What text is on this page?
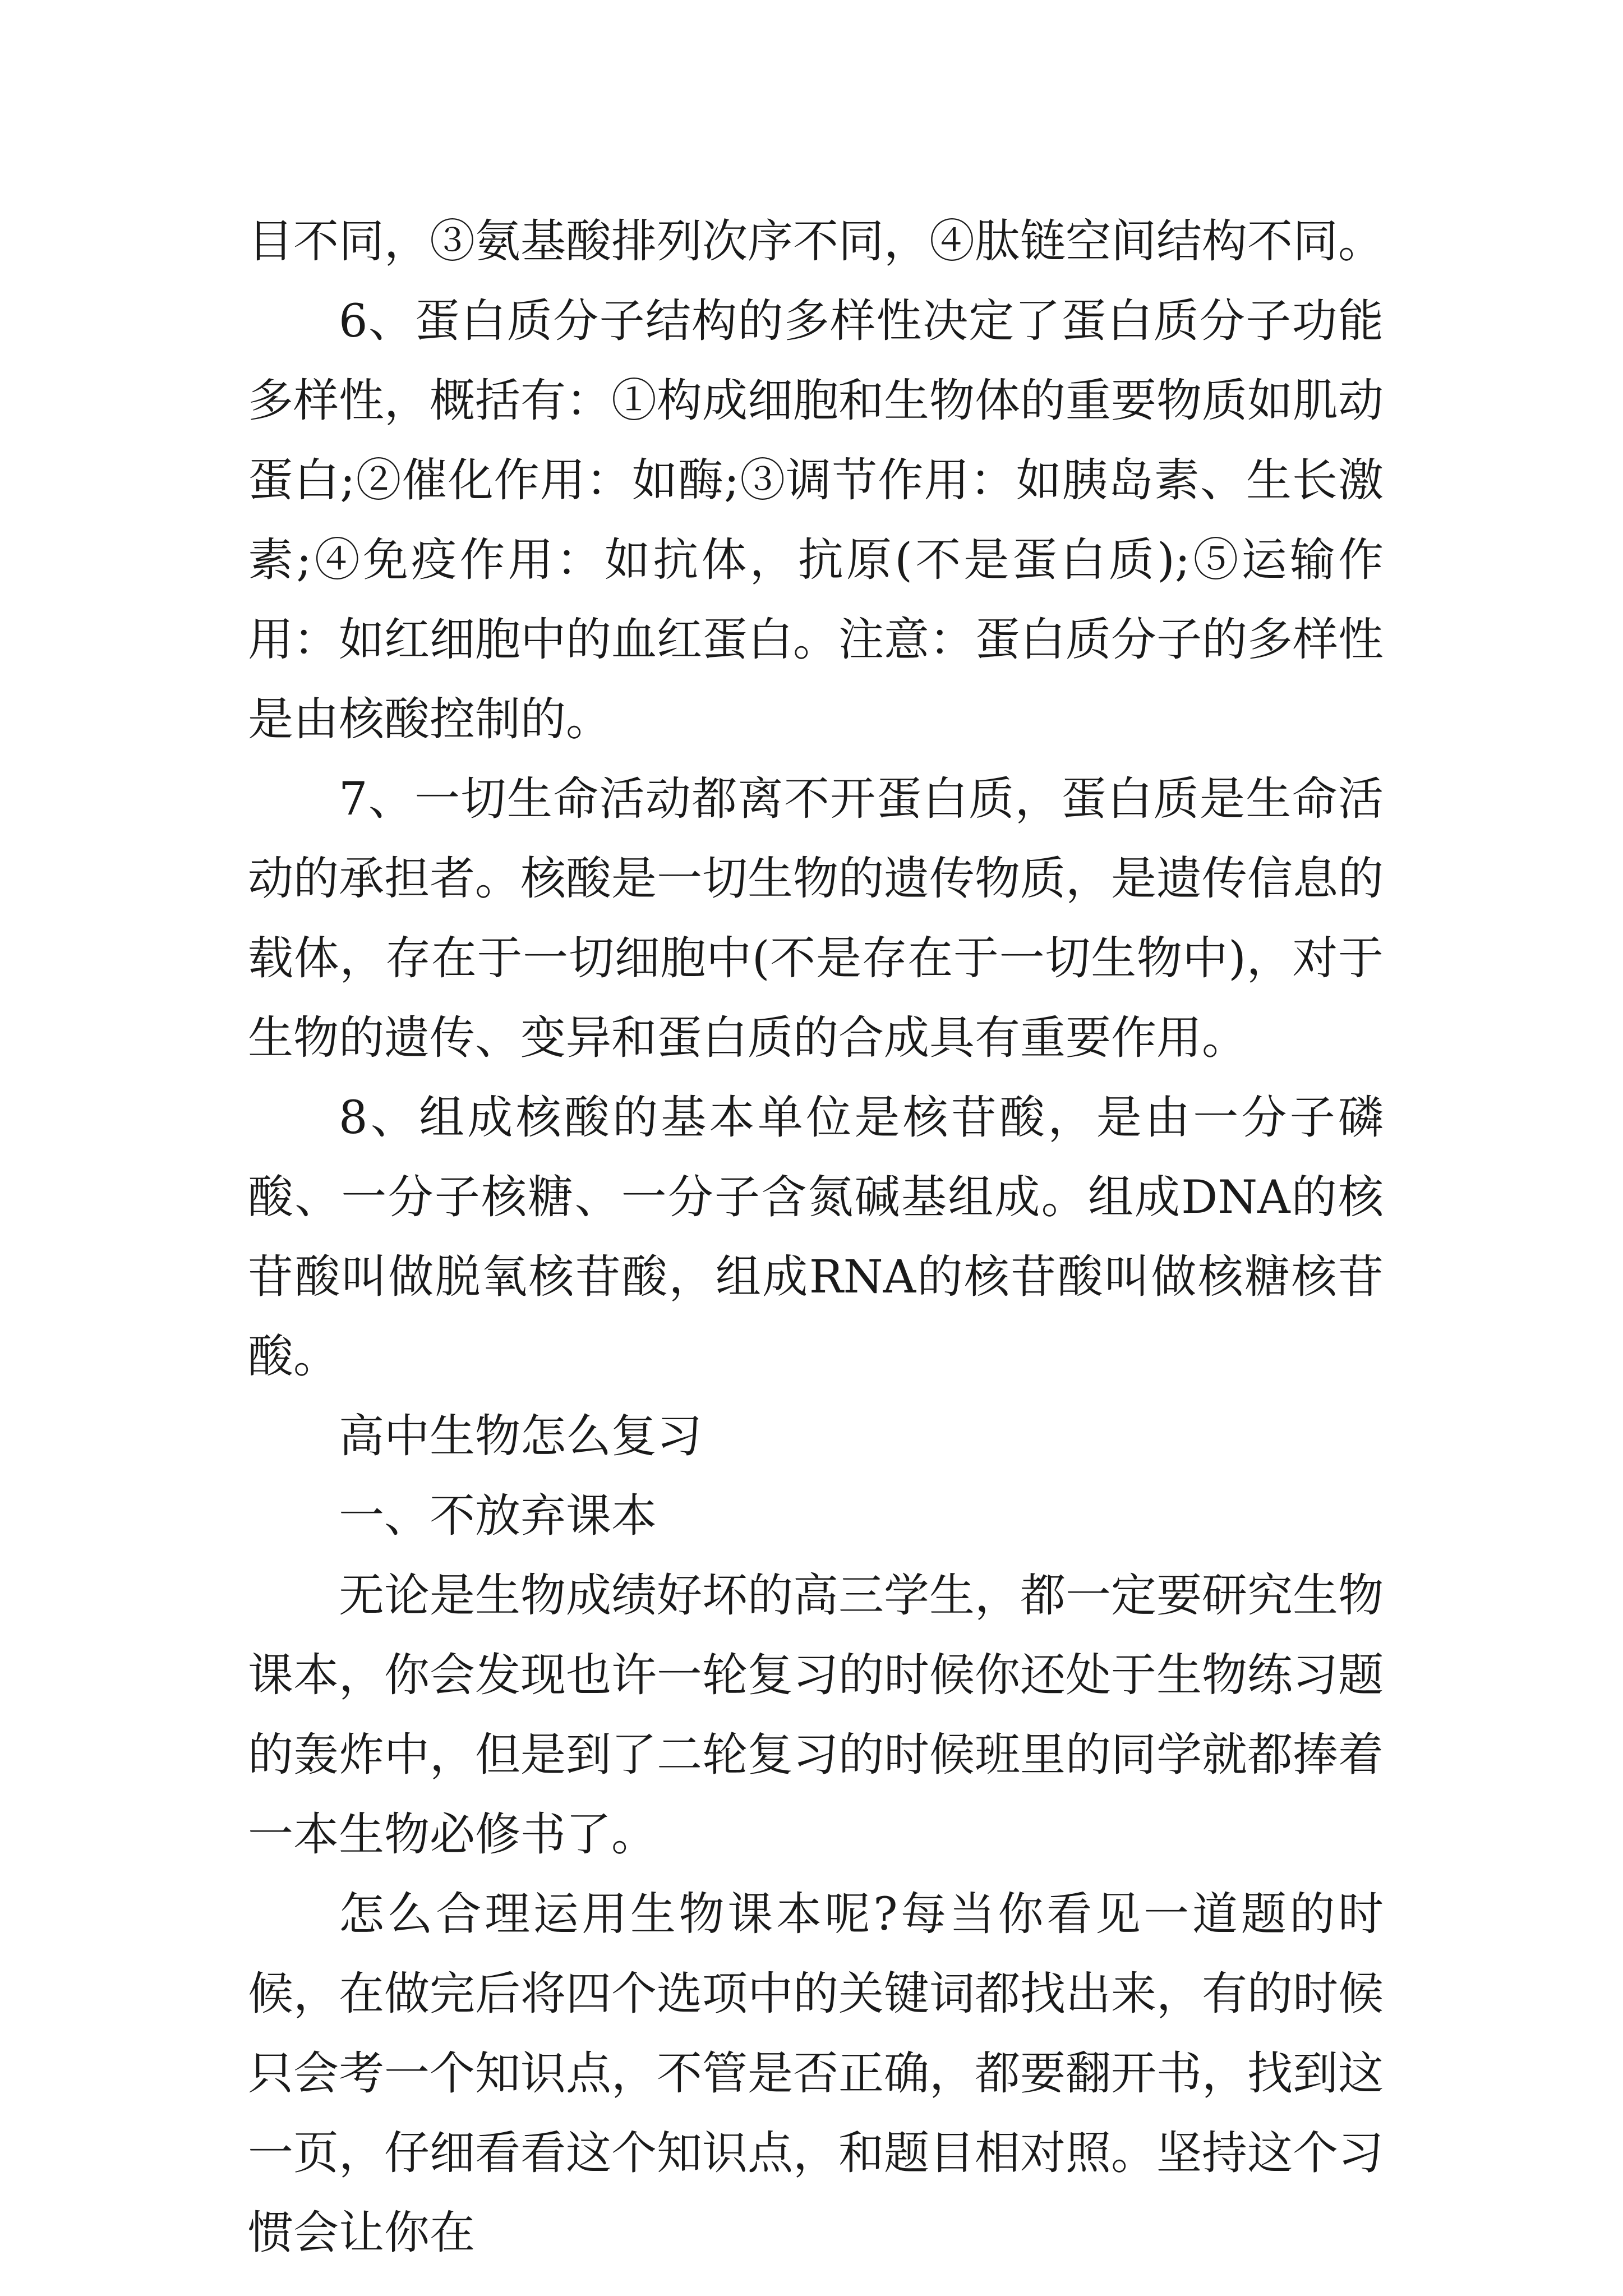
目不同，③氨基酸排列次序不同，④肽链空间结构不同。

6、蛋白质分子结构的多样性决定了蛋白质分子功能多样性，概括有：①构成细胞和生物体的重要物质如肌动蛋白;②催化作用：如酶;③调节作用：如胰岛素、生长激素;④免疫作用：如抗体，抗原(不是蛋白质);⑤运输作用：如红细胞中的血红蛋白。注意：蛋白质分子的多样性是由核酸控制的。

7、一切生命活动都离不开蛋白质，蛋白质是生命活动的承担者。核酸是一切生物的遗传物质，是遗传信息的载体，存在于一切细胞中(不是存在于一切生物中)，对于生物的遗传、变异和蛋白质的合成具有重要作用。

8、组成核酸的基本单位是核苷酸，是由一分子磷酸、一分子核糖、一分子含氮碱基组成。组成DNA的核苷酸叫做脱氧核苷酸，组成RNA的核苷酸叫做核糖核苷酸。

高中生物怎么复习

一、不放弃课本

无论是生物成绩好坏的高三学生，都一定要研究生物课本，你会发现也许一轮复习的时候你还处于生物练习题的轰炸中，但是到了二轮复习的时候班里的同学就都捧着一本生物必修书了。

怎么合理运用生物课本呢?每当你看见一道题的时候，在做完后将四个选项中的关键词都找出来，有的时候只会考一个知识点，不管是否正确，都要翻开书，找到这一页，仔细看看这个知识点，和题目相对照。坚持这个习惯会让你在
